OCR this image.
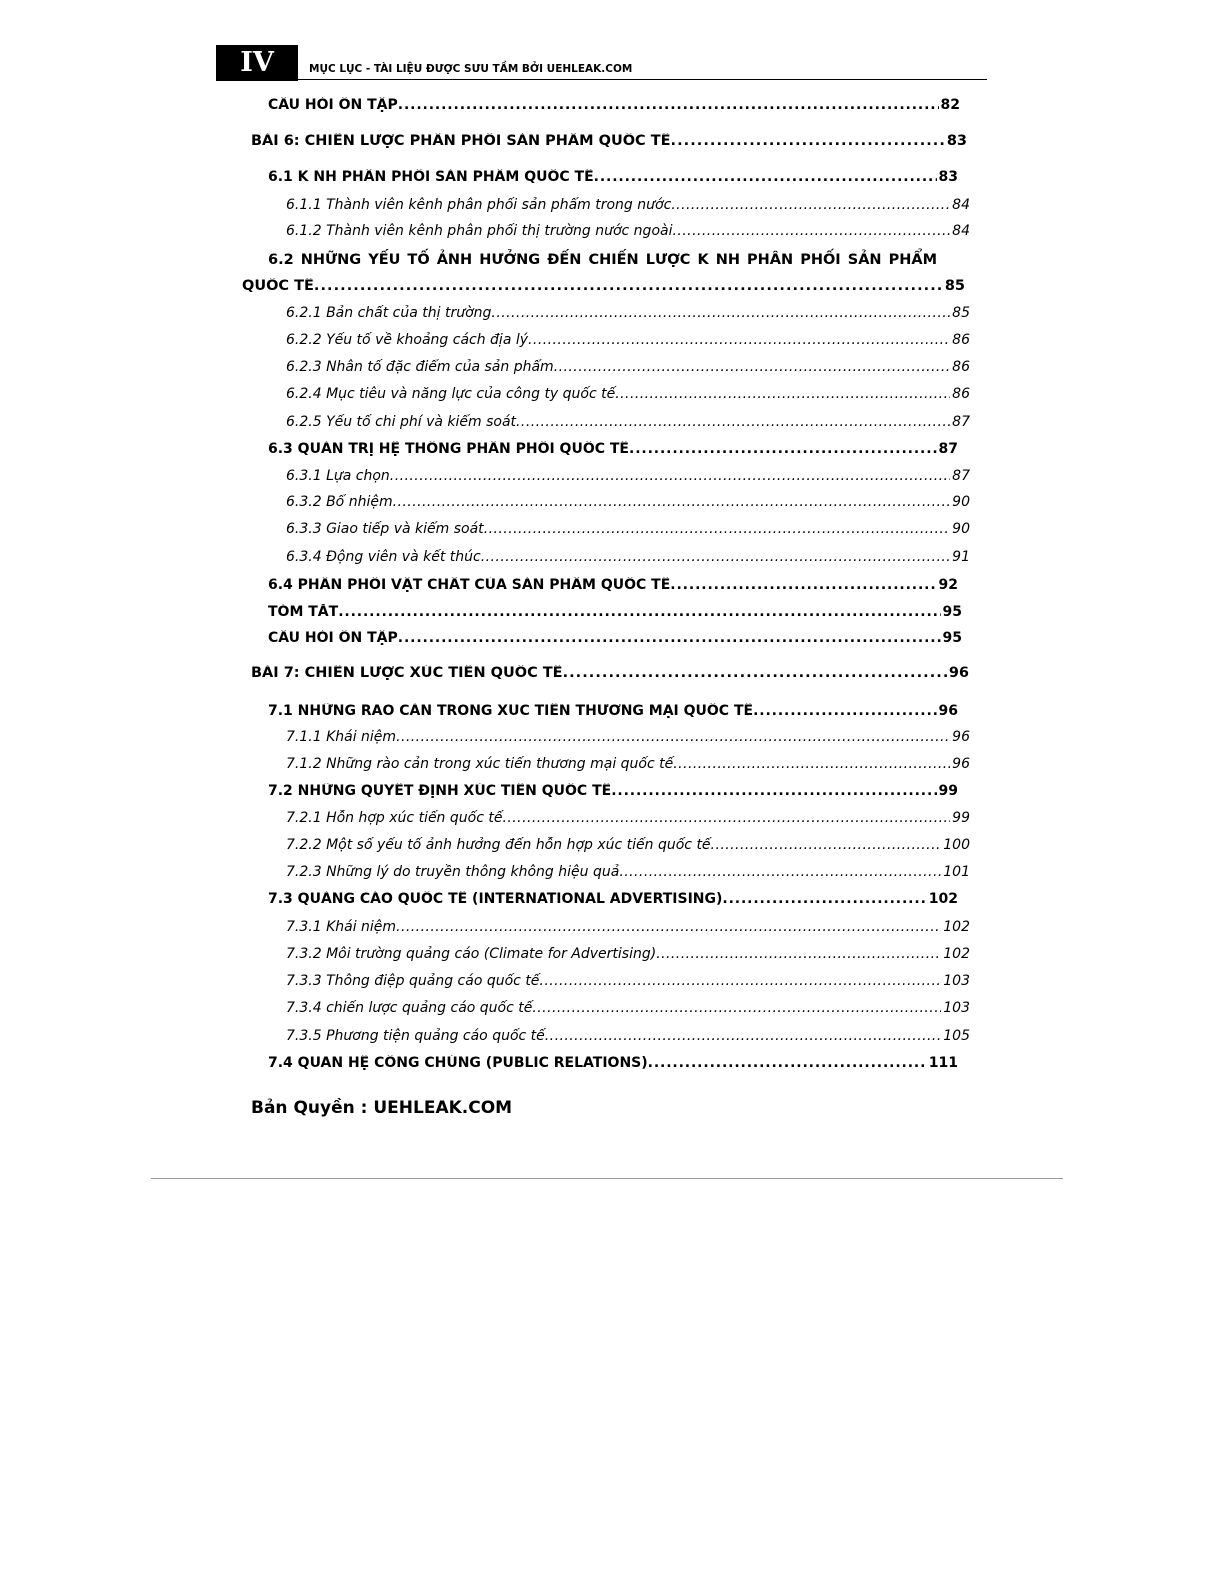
IV	MỤC LỤC - TÀI LIỆU ĐƯỢC SƯU TẦM BỞI UEHLEAK.COM
CÂU HỎI ÔN TẬP . . .	82
BÀI 6: CHIẾN LƯỢC PHÂN PHỐI SẢN PHẨM QUỐC TẾ . . .	83
6.1 K NH PHÂN PHỐI SẢN PHẨM QUỐC TẾ . . .	83
6.1.1 Thành viên kênh phân phối sản phẩm trong nước . . .	84
6.1.2 Thành viên kênh phân phối thị trường nước ngoài . . .	84
6.2 NHỮNG YẾU TỐ ẢNH HƯỞNG ĐẾN CHIẾN LƯỢC K NH PHÂN PHỐI SẢN PHẨM
QUỐC TẾ . . .	85
6.2.1 Bản chất của thị trường . . .	85
6.2.2 Yếu tố về khoảng cách địa lý . . .	86
6.2.3 Nhân tố đặc điểm của sản phẩm . . .	86
6.2.4 Mục tiêu và năng lực của công ty quốc tế . . .	86
6.2.5 Yếu tố chi phí và kiểm soát . . .	87
6.3 QUẢN TRỊ HỆ THỐNG PHÂN PHỐI QUỐC TẾ . . .	87
6.3.1 Lựa chọn . . .	87
6.3.2 Bổ nhiệm . . .	90
6.3.3 Giao tiếp và kiểm soát . . .	90
6.3.4 Động viên và kết thúc . . .	91
6.4 PHÂN PHỐI VẬT CHẤT CỦA SẢN PHẨM QUỐC TẾ . . .	92
TÓM TẮT . . .	95
CÂU HỎI ÔN TẬP . . .	95
BÀI 7: CHIẾN LƯỢC XÚC TIẾN QUỐC TẾ . . .	96
7.1 NHỮNG RAO CẢN TRONG XUC TIẾN THƯƠNG MẠI QUỐC TẾ . . .	96
7.1.1 Khái niệm . . .	96
7.1.2 Những rào cản trong xúc tiến thương mại quốc tế . . .	96
7.2 NHỮNG QUYẾT ĐỊNH XÚC TIẾN QUỐC TẾ . . .	99
7.2.1 Hỗn hợp xúc tiến quốc tế . . .	99
7.2.2 Một số yếu tố ảnh hưởng đến hỗn hợp xúc tiến quốc tế . . .	100
7.2.3 Những lý do truyền thông không hiệu quả . . .	101
7.3 QUẢNG CÁO QUỐC TẾ (INTERNATIONAL ADVERTISING) . . .	102
7.3.1 Khái niệm . . .	102
7.3.2 Môi trường quảng cáo (Climate for Advertising) . . .	102
7.3.3 Thông điệp quảng cáo quốc tế . . .	103
7.3.4 chiến lược quảng cáo quốc tế . . .	103
7.3.5 Phương tiện quảng cáo quốc tế . . .	105
7.4 QUAN HỆ CÔNG CHÚNG (PUBLIC RELATIONS) . . .	111
Bản Quyền : UEHLEAK.COM
